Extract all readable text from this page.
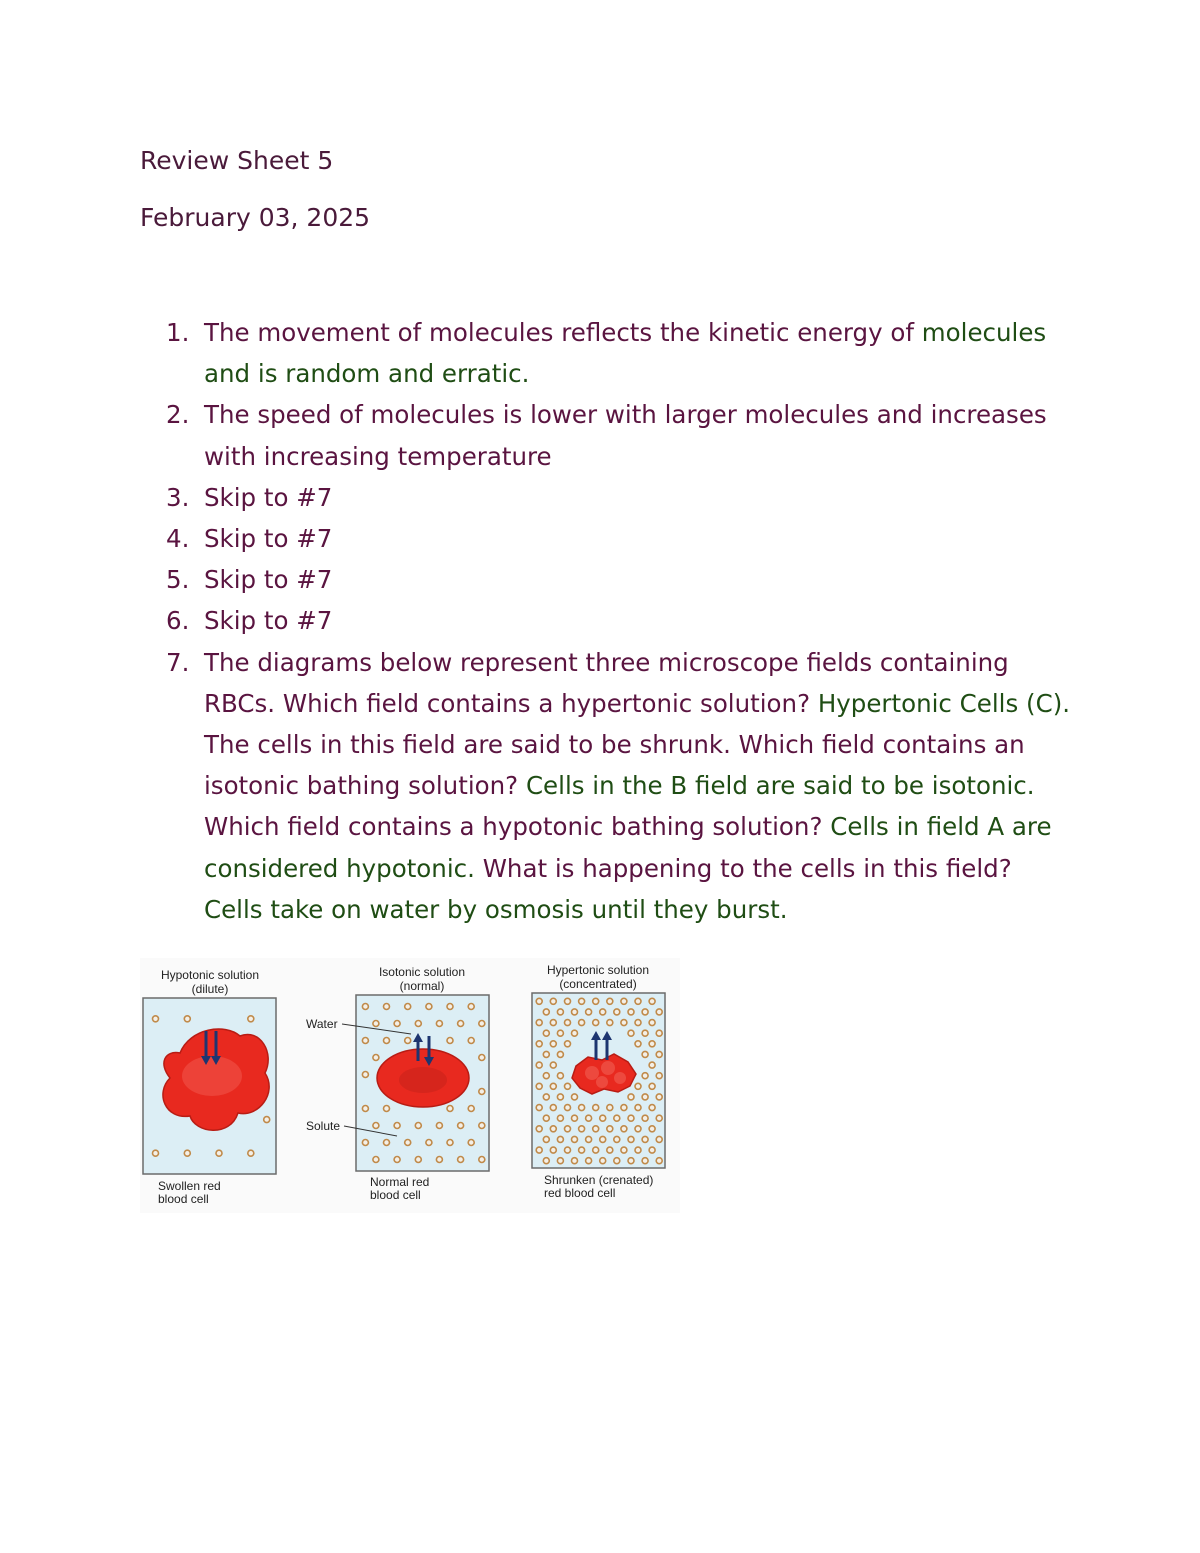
Review Sheet 5

February 03, 2025

1. The movement of molecules reflects the kinetic energy of molecules and is random and erratic.
2. The speed of molecules is lower with larger molecules and increases with increasing temperature
3. Skip to #7
4. Skip to #7
5. Skip to #7
6. Skip to #7
7. The diagrams below represent three microscope fields containing RBCs. Which field contains a hypertonic solution? Hypertonic Cells (C). The cells in this field are said to be shrunk. Which field contains an isotonic bathing solution? Cells in the B field are said to be isotonic. Which field contains a hypotonic bathing solution? Cells in field A are considered hypotonic. What is happening to the cells in this field? Cells take on water by osmosis until they burst.
Hypotonic solution
(dilute)
Swollen red
blood cell
Isotonic solution
(normal)
Water
Solute
Normal red
blood cell
Hypertonic solution
(concentrated)
Shrunken (crenated)
red blood cell
